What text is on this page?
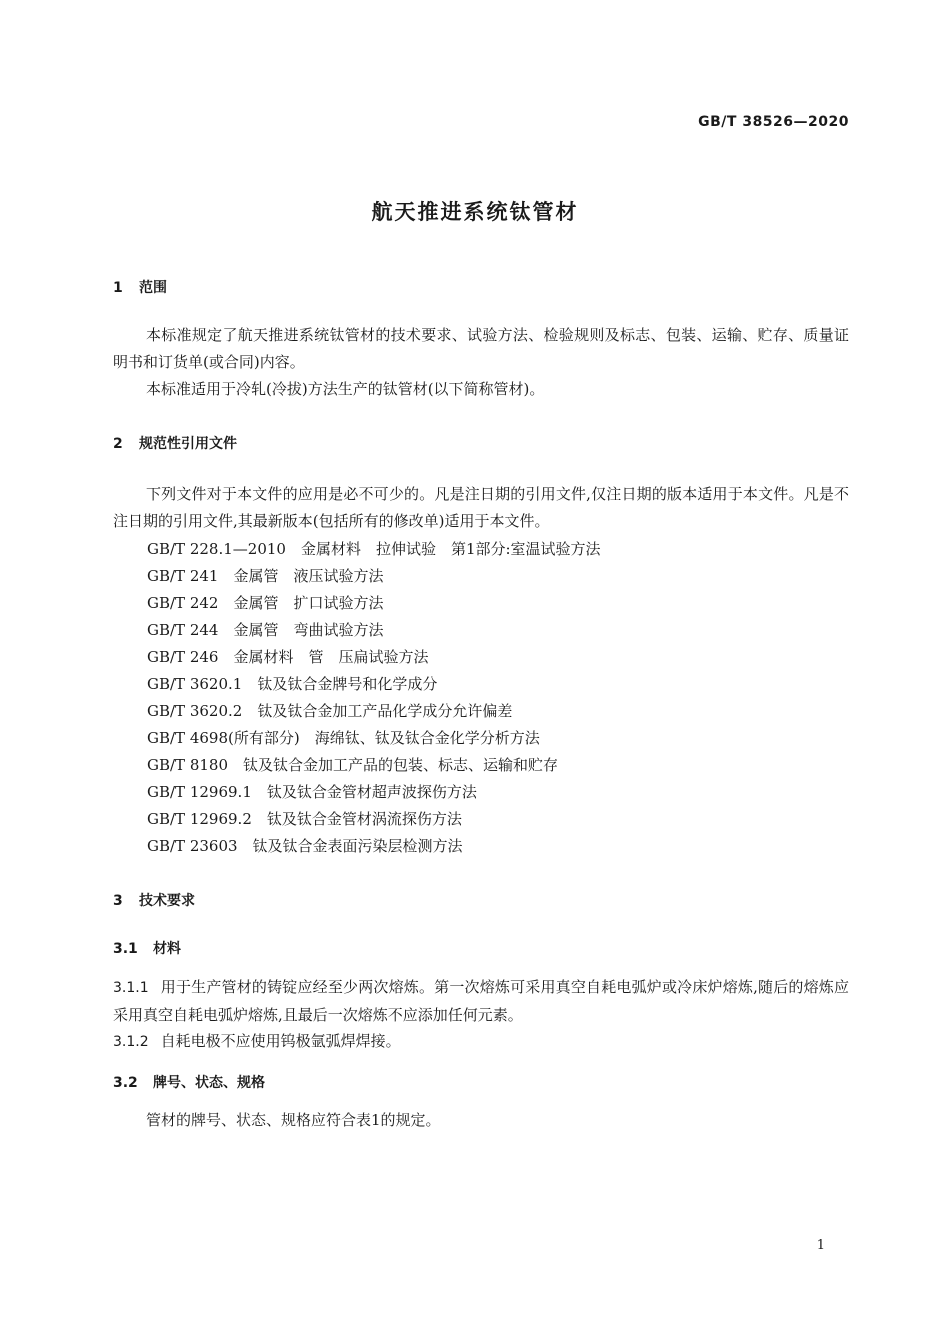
GB/T 38526—2020
航天推进系统钛管材
1 范围
本标准规定了航天推进系统钛管材的技术要求、试验方法、检验规则及标志、包装、运输、贮存、质量证明书和订货单(或合同)内容。
本标准适用于冷轧(冷拔)方法生产的钛管材(以下简称管材)。
2 规范性引用文件
下列文件对于本文件的应用是必不可少的。凡是注日期的引用文件,仅注日期的版本适用于本文件。凡是不注日期的引用文件,其最新版本(包括所有的修改单)适用于本文件。
GB/T 228.1—2010　金属材料　拉伸试验　第1部分:室温试验方法
GB/T 241　金属管　液压试验方法
GB/T 242　金属管　扩口试验方法
GB/T 244　金属管　弯曲试验方法
GB/T 246　金属材料　管　压扁试验方法
GB/T 3620.1　钛及钛合金牌号和化学成分
GB/T 3620.2　钛及钛合金加工产品化学成分允许偏差
GB/T 4698(所有部分)　海绵钛、钛及钛合金化学分析方法
GB/T 8180　钛及钛合金加工产品的包装、标志、运输和贮存
GB/T 12969.1　钛及钛合金管材超声波探伤方法
GB/T 12969.2　钛及钛合金管材涡流探伤方法
GB/T 23603　钛及钛合金表面污染层检测方法
3 技术要求
3.1 材料
3.1.1 用于生产管材的铸锭应经至少两次熔炼。第一次熔炼可采用真空自耗电弧炉或冷床炉熔炼,随后的熔炼应采用真空自耗电弧炉熔炼,且最后一次熔炼不应添加任何元素。
3.1.2 自耗电极不应使用钨极氩弧焊焊接。
3.2 牌号、状态、规格
管材的牌号、状态、规格应符合表1的规定。
1
